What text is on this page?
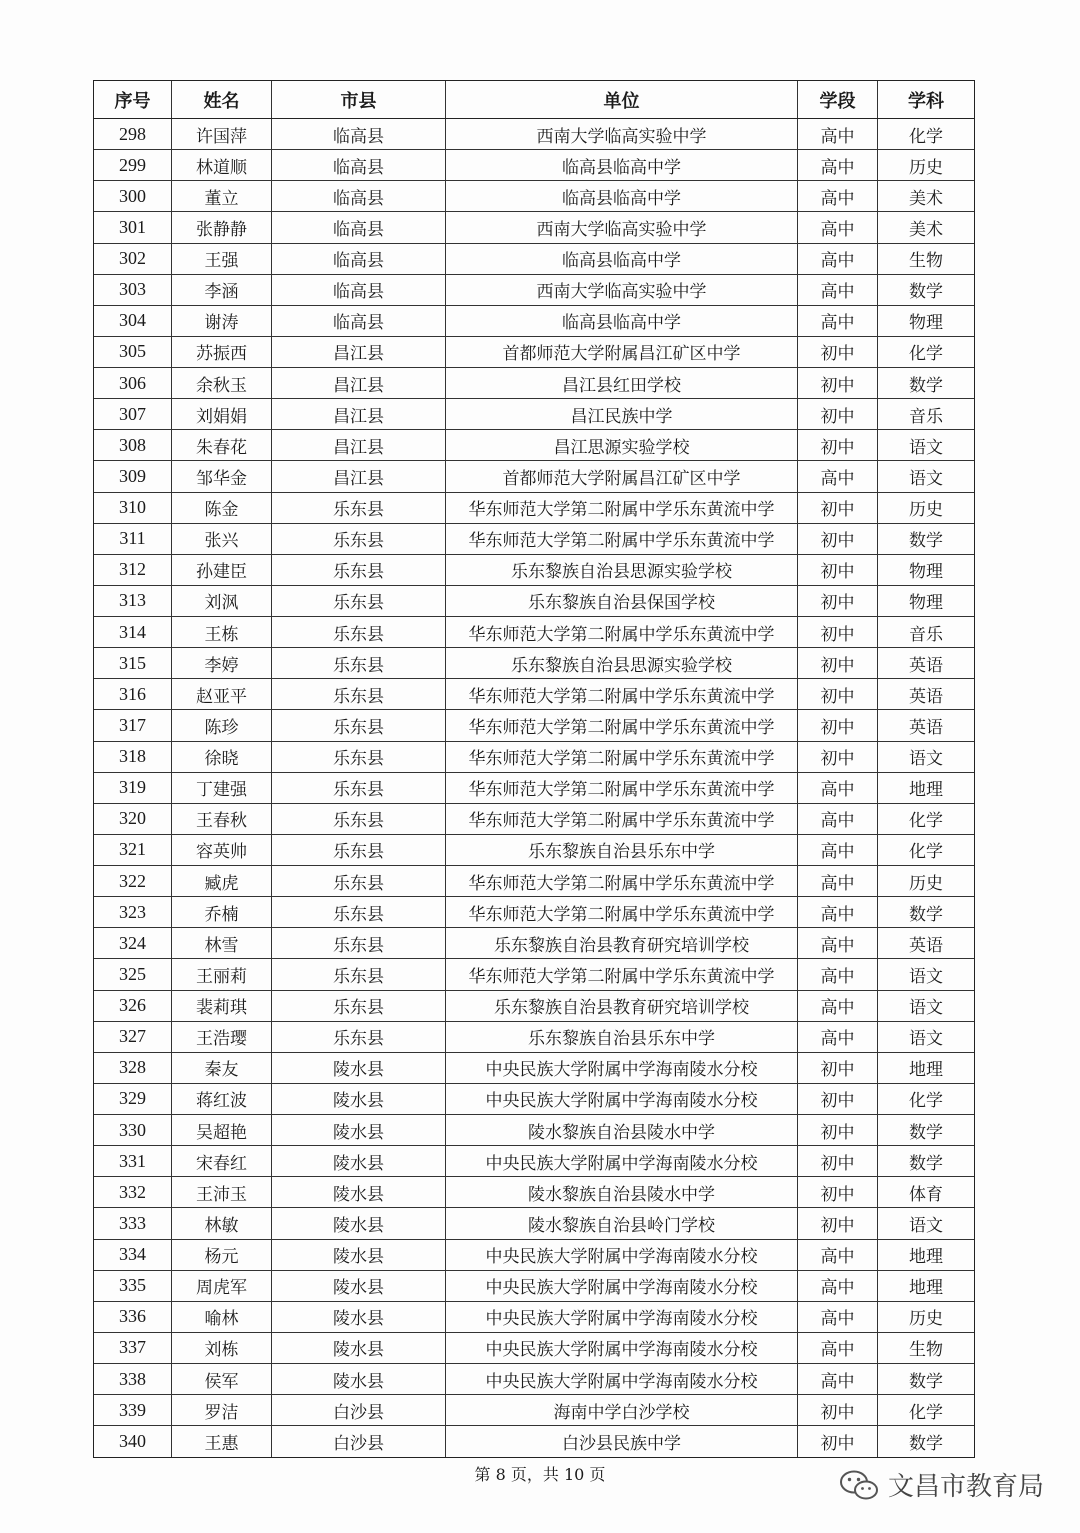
序号	姓名	市县	单位	学段	学科
298	许国萍	临高县	西南大学临高实验中学	高中	化学
299	林道顺	临高县	临高县临高中学	高中	历史
300	董立	临高县	临高县临高中学	高中	美术
301	张静静	临高县	西南大学临高实验中学	高中	美术
302	王强	临高县	临高县临高中学	高中	生物
303	李涵	临高县	西南大学临高实验中学	高中	数学
304	谢涛	临高县	临高县临高中学	高中	物理
305	苏振西	昌江县	首都师范大学附属昌江矿区中学	初中	化学
306	余秋玉	昌江县	昌江县红田学校	初中	数学
307	刘娟娟	昌江县	昌江民族中学	初中	音乐
308	朱春花	昌江县	昌江思源实验学校	初中	语文
309	邹华金	昌江县	首都师范大学附属昌江矿区中学	高中	语文
310	陈金	乐东县	华东师范大学第二附属中学乐东黄流中学	初中	历史
311	张兴	乐东县	华东师范大学第二附属中学乐东黄流中学	初中	数学
312	孙建臣	乐东县	乐东黎族自治县思源实验学校	初中	物理
313	刘沨	乐东县	乐东黎族自治县保国学校	初中	物理
314	王栋	乐东县	华东师范大学第二附属中学乐东黄流中学	初中	音乐
315	李婷	乐东县	乐东黎族自治县思源实验学校	初中	英语
316	赵亚平	乐东县	华东师范大学第二附属中学乐东黄流中学	初中	英语
317	陈珍	乐东县	华东师范大学第二附属中学乐东黄流中学	初中	英语
318	徐晓	乐东县	华东师范大学第二附属中学乐东黄流中学	初中	语文
319	丁建强	乐东县	华东师范大学第二附属中学乐东黄流中学	高中	地理
320	王春秋	乐东县	华东师范大学第二附属中学乐东黄流中学	高中	化学
321	容英帅	乐东县	乐东黎族自治县乐东中学	高中	化学
322	臧虎	乐东县	华东师范大学第二附属中学乐东黄流中学	高中	历史
323	乔楠	乐东县	华东师范大学第二附属中学乐东黄流中学	高中	数学
324	林雪	乐东县	乐东黎族自治县教育研究培训学校	高中	英语
325	王丽莉	乐东县	华东师范大学第二附属中学乐东黄流中学	高中	语文
326	裴莉琪	乐东县	乐东黎族自治县教育研究培训学校	高中	语文
327	王浩璎	乐东县	乐东黎族自治县乐东中学	高中	语文
328	秦友	陵水县	中央民族大学附属中学海南陵水分校	初中	地理
329	蒋红波	陵水县	中央民族大学附属中学海南陵水分校	初中	化学
330	吴超艳	陵水县	陵水黎族自治县陵水中学	初中	数学
331	宋春红	陵水县	中央民族大学附属中学海南陵水分校	初中	数学
332	王沛玉	陵水县	陵水黎族自治县陵水中学	初中	体育
333	林敏	陵水县	陵水黎族自治县岭门学校	初中	语文
334	杨元	陵水县	中央民族大学附属中学海南陵水分校	高中	地理
335	周虎军	陵水县	中央民族大学附属中学海南陵水分校	高中	地理
336	喻林	陵水县	中央民族大学附属中学海南陵水分校	高中	历史
337	刘栋	陵水县	中央民族大学附属中学海南陵水分校	高中	生物
338	侯军	陵水县	中央民族大学附属中学海南陵水分校	高中	数学
339	罗洁	白沙县	海南中学白沙学校	初中	化学
340	王惠	白沙县	白沙县民族中学	初中	数学
第 8 页，共 10 页	文昌市教育局
